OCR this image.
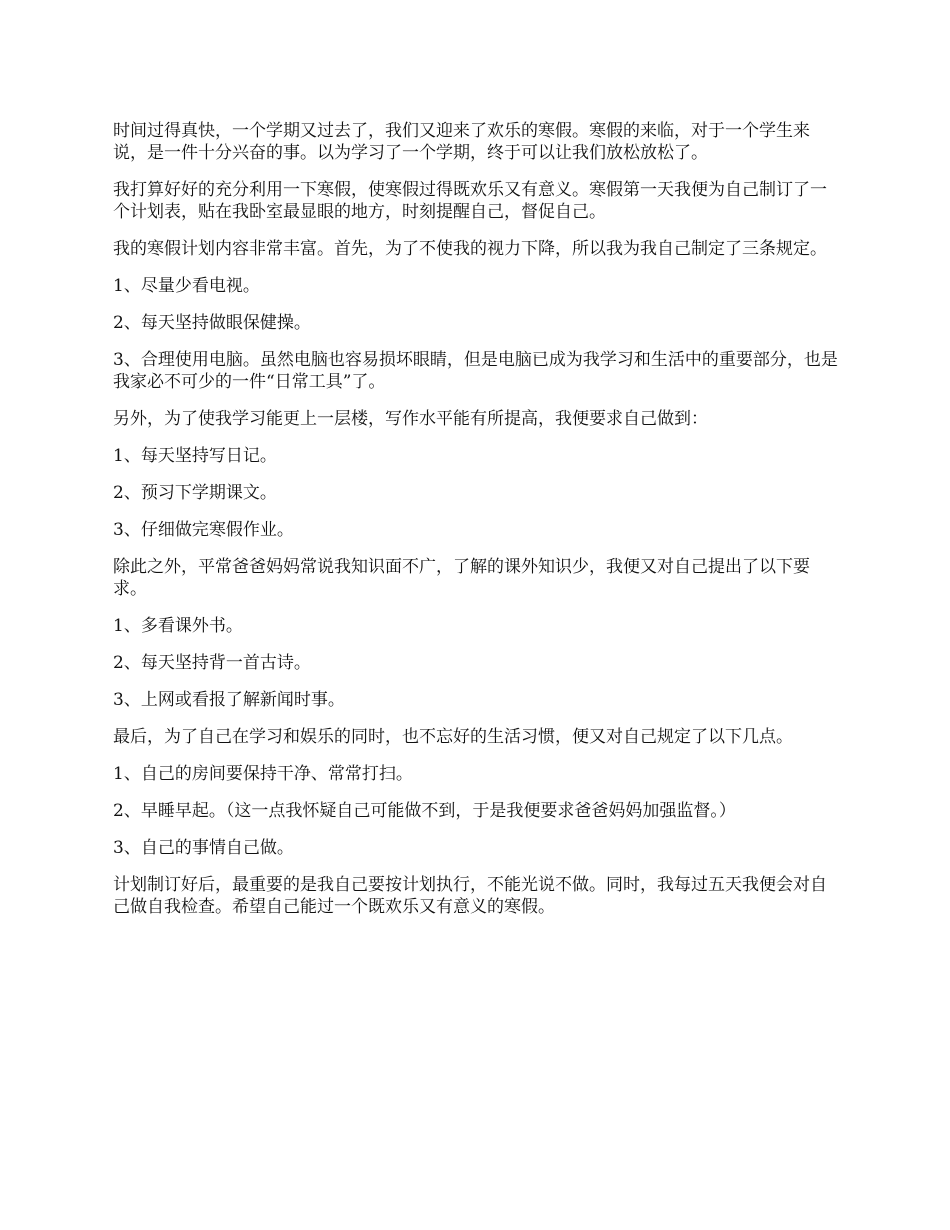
时间过得真快，一个学期又过去了，我们又迎来了欢乐的寒假。寒假的来临，对于一个学生来说，是一件十分兴奋的事。以为学习了一个学期，终于可以让我们放松放松了。

我打算好好的充分利用一下寒假，使寒假过得既欢乐又有意义。寒假第一天我便为自己制订了一个计划表，贴在我卧室最显眼的地方，时刻提醒自己，督促自己。

我的寒假计划内容非常丰富。首先，为了不使我的视力下降，所以我为我自己制定了三条规定。

1、尽量少看电视。

2、每天坚持做眼保健操。

3、合理使用电脑。虽然电脑也容易损坏眼睛，但是电脑已成为我学习和生活中的重要部分，也是我家必不可少的一件“日常工具”了。

另外，为了使我学习能更上一层楼，写作水平能有所提高，我便要求自己做到：

1、每天坚持写日记。

2、预习下学期课文。

3、仔细做完寒假作业。

除此之外，平常爸爸妈妈常说我知识面不广，了解的课外知识少，我便又对自己提出了以下要求。

1、多看课外书。

2、每天坚持背一首古诗。

3、上网或看报了解新闻时事。

最后，为了自己在学习和娱乐的同时，也不忘好的生活习惯，便又对自己规定了以下几点。

1、自己的房间要保持干净、常常打扫。

2、早睡早起。（这一点我怀疑自己可能做不到，于是我便要求爸爸妈妈加强监督。）

3、自己的事情自己做。

计划制订好后，最重要的是我自己要按计划执行，不能光说不做。同时，我每过五天我便会对自己做自我检查。希望自己能过一个既欢乐又有意义的寒假。
